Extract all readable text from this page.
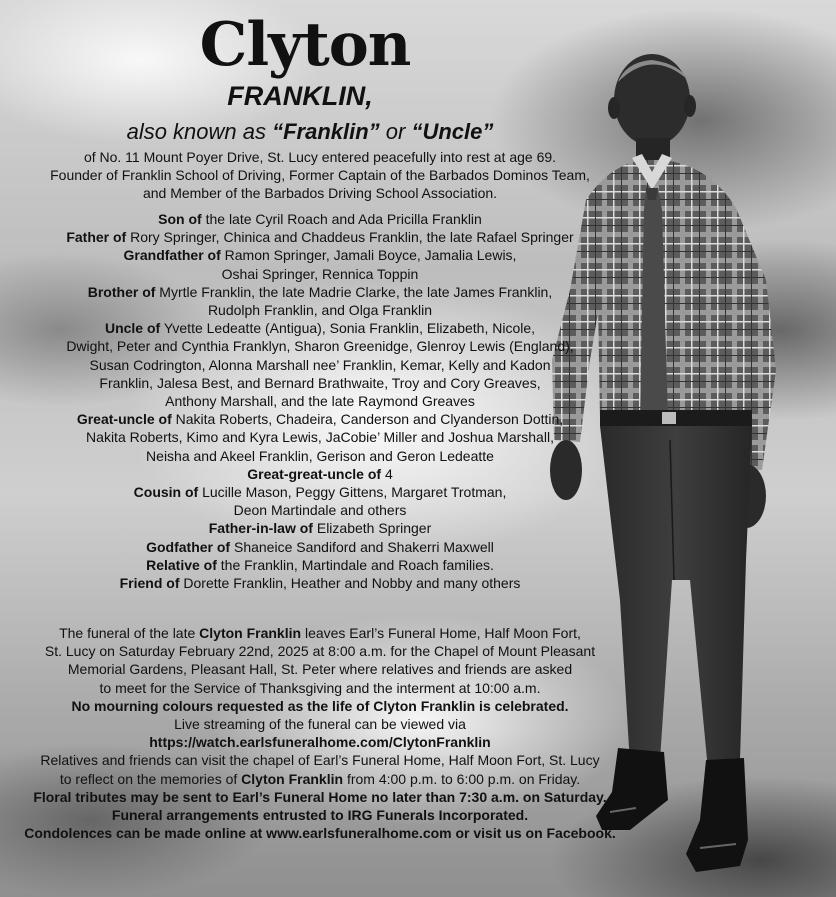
Clyton
FRANKLIN,
also known as “Franklin” or “Uncle”
of No. 11 Mount Poyer Drive, St. Lucy entered peacefully into rest at age 69.
Founder of Franklin School of Driving, Former Captain of the Barbados Dominos Team,
and Member of the Barbados Driving School Association.
Son of the late Cyril Roach and Ada Pricilla Franklin
Father of Rory Springer, Chinica and Chaddeus Franklin, the late Rafael Springer
Grandfather of Ramon Springer, Jamali Boyce, Jamalia Lewis,
Oshai Springer, Rennica Toppin
Brother of Myrtle Franklin, the late Madrie Clarke, the late James Franklin,
Rudolph Franklin, and Olga Franklin
Uncle of Yvette Ledeatte (Antigua), Sonia Franklin, Elizabeth, Nicole,
Dwight, Peter and Cynthia Franklyn, Sharon Greenidge, Glenroy Lewis (England),
Susan Codrington, Alonna Marshall nee’ Franklin, Kemar, Kelly and Kadon
Franklin, Jalesa Best, and Bernard Brathwaite, Troy and Cory Greaves,
Anthony Marshall, and the late Raymond Greaves
Great-uncle of Nakita Roberts, Chadeira, Canderson and Clyanderson Dottin,
Nakita Roberts, Kimo and Kyra Lewis, JaCobie’ Miller and Joshua Marshall,
Neisha and Akeel Franklin, Gerison and Geron Ledeatte
Great-great-uncle of 4
Cousin of Lucille Mason, Peggy Gittens, Margaret Trotman,
Deon Martindale and others
Father-in-law of Elizabeth Springer
Godfather of Shaneice Sandiford and Shakerri Maxwell
Relative of the Franklin, Martindale and Roach families.
Friend of Dorette Franklin, Heather and Nobby and many others
The funeral of the late Clyton Franklin leaves Earl’s Funeral Home, Half Moon Fort,
St. Lucy on Saturday February 22nd, 2025 at 8:00 a.m. for the Chapel of Mount Pleasant
Memorial Gardens, Pleasant Hall, St. Peter where relatives and friends are asked
to meet for the Service of Thanksgiving and the interment at 10:00 a.m.
No mourning colours requested as the life of Clyton Franklin is celebrated.
Live streaming of the funeral can be viewed via
https://watch.earlsfuneralhome.com/ClytonFranklin
Relatives and friends can visit the chapel of Earl’s Funeral Home, Half Moon Fort, St. Lucy
to reflect on the memories of Clyton Franklin from 4:00 p.m. to 6:00 p.m. on Friday.
Floral tributes may be sent to Earl’s Funeral Home no later than 7:30 a.m. on Saturday.
Funeral arrangements entrusted to IRG Funerals Incorporated.
Condolences can be made online at www.earlsfuneralhome.com or visit us on Facebook.
